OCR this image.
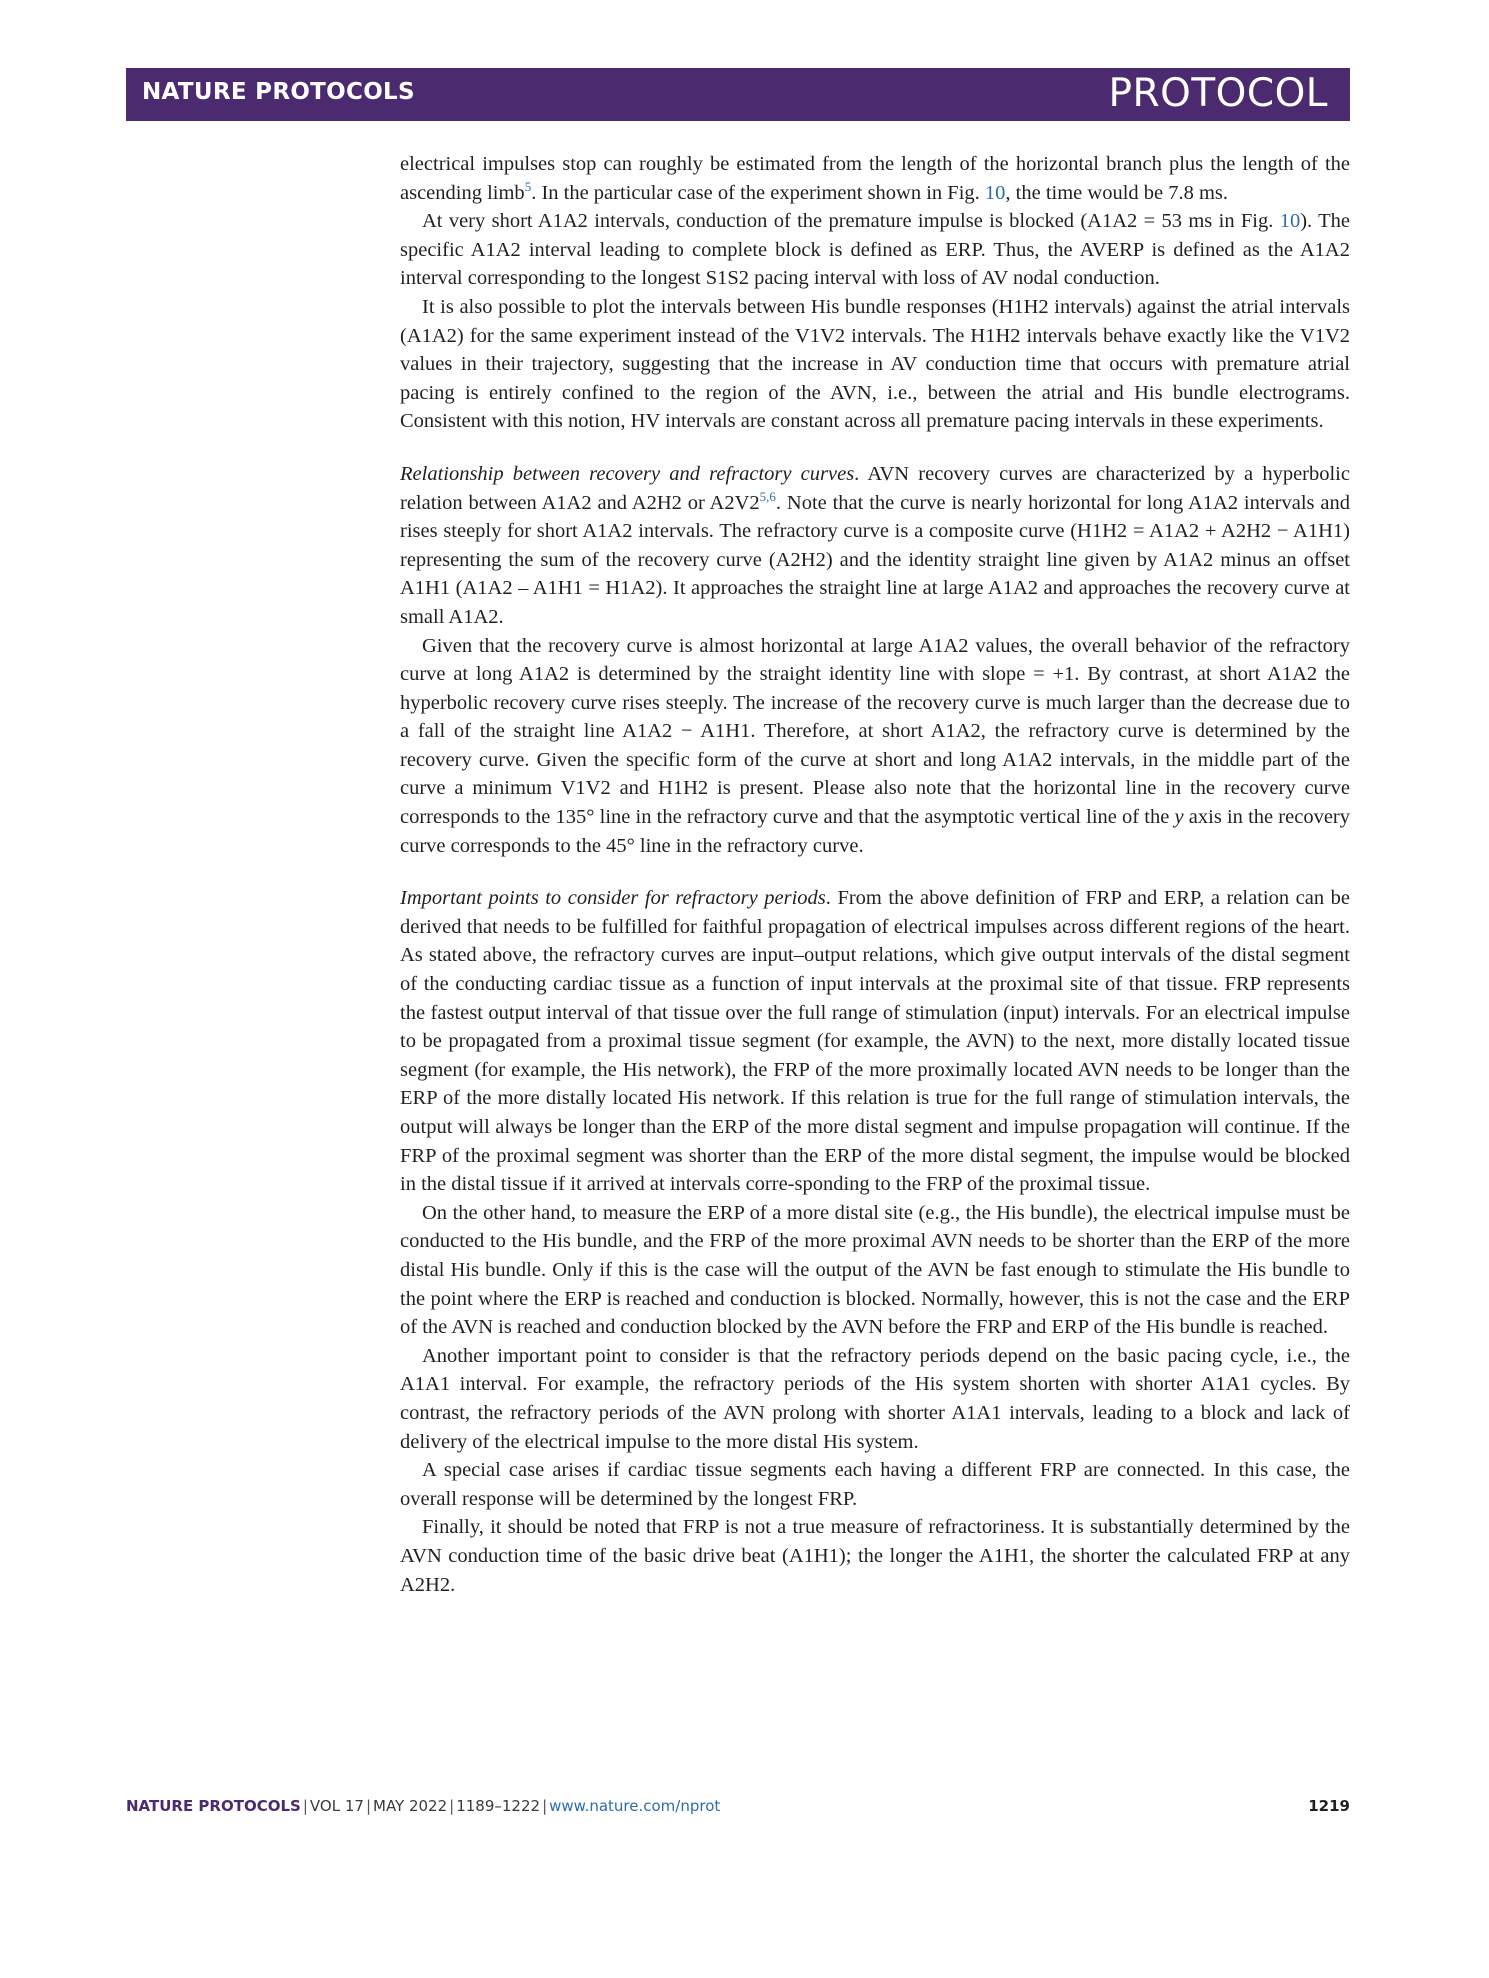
NATURE PROTOCOLS	PROTOCOL

electrical impulses stop can roughly be estimated from the length of the horizontal branch plus the length of the ascending limb$^5$. In the particular case of the experiment shown in Fig. 10, the time would be 7.8 ms.

At very short A1A2 intervals, conduction of the premature impulse is blocked (A1A2 = 53 ms in Fig. 10). The specific A1A2 interval leading to complete block is defined as ERP. Thus, the AVERP is defined as the A1A2 interval corresponding to the longest S1S2 pacing interval with loss of AV nodal conduction.

It is also possible to plot the intervals between His bundle responses (H1H2 intervals) against the atrial intervals (A1A2) for the same experiment instead of the V1V2 intervals. The H1H2 intervals behave exactly like the V1V2 values in their trajectory, suggesting that the increase in AV conduction time that occurs with premature atrial pacing is entirely confined to the region of the AVN, i.e., between the atrial and His bundle electrograms. Consistent with this notion, HV intervals are constant across all premature pacing intervals in these experiments.

Relationship between recovery and refractory curves. AVN recovery curves are characterized by a hyperbolic relation between A1A2 and A2H2 or A2V2$^{5,6}$. Note that the curve is nearly horizontal for long A1A2 intervals and rises steeply for short A1A2 intervals. The refractory curve is a composite curve (H1H2 = A1A2 + A2H2 − A1H1) representing the sum of the recovery curve (A2H2) and the identity straight line given by A1A2 minus an offset A1H1 (A1A2 – A1H1 = H1A2). It approaches the straight line at large A1A2 and approaches the recovery curve at small A1A2.

Given that the recovery curve is almost horizontal at large A1A2 values, the overall behavior of the refractory curve at long A1A2 is determined by the straight identity line with slope = +1. By contrast, at short A1A2 the hyperbolic recovery curve rises steeply. The increase of the recovery curve is much larger than the decrease due to a fall of the straight line A1A2 − A1H1. Therefore, at short A1A2, the refractory curve is determined by the recovery curve. Given the specific form of the curve at short and long A1A2 intervals, in the middle part of the curve a minimum V1V2 and H1H2 is present. Please also note that the horizontal line in the recovery curve corresponds to the 135° line in the refractory curve and that the asymptotic vertical line of the y axis in the recovery curve corresponds to the 45° line in the refractory curve.

Important points to consider for refractory periods. From the above definition of FRP and ERP, a relation can be derived that needs to be fulfilled for faithful propagation of electrical impulses across different regions of the heart. As stated above, the refractory curves are input–output relations, which give output intervals of the distal segment of the conducting cardiac tissue as a function of input intervals at the proximal site of that tissue. FRP represents the fastest output interval of that tissue over the full range of stimulation (input) intervals. For an electrical impulse to be propagated from a proximal tissue segment (for example, the AVN) to the next, more distally located tissue segment (for example, the His network), the FRP of the more proximally located AVN needs to be longer than the ERP of the more distally located His network. If this relation is true for the full range of stimulation intervals, the output will always be longer than the ERP of the more distal segment and impulse propagation will continue. If the FRP of the proximal segment was shorter than the ERP of the more distal segment, the impulse would be blocked in the distal tissue if it arrived at intervals corre-sponding to the FRP of the proximal tissue.

On the other hand, to measure the ERP of a more distal site (e.g., the His bundle), the electrical impulse must be conducted to the His bundle, and the FRP of the more proximal AVN needs to be shorter than the ERP of the more distal His bundle. Only if this is the case will the output of the AVN be fast enough to stimulate the His bundle to the point where the ERP is reached and conduction is blocked. Normally, however, this is not the case and the ERP of the AVN is reached and conduction blocked by the AVN before the FRP and ERP of the His bundle is reached.

Another important point to consider is that the refractory periods depend on the basic pacing cycle, i.e., the A1A1 interval. For example, the refractory periods of the His system shorten with shorter A1A1 cycles. By contrast, the refractory periods of the AVN prolong with shorter A1A1 intervals, leading to a block and lack of delivery of the electrical impulse to the more distal His system.

A special case arises if cardiac tissue segments each having a different FRP are connected. In this case, the overall response will be determined by the longest FRP.

Finally, it should be noted that FRP is not a true measure of refractoriness. It is substantially determined by the AVN conduction time of the basic drive beat (A1H1); the longer the A1H1, the shorter the calculated FRP at any A2H2.

NATURE PROTOCOLS | VOL 17 | MAY 2022 | 1189–1222 | www.nature.com/nprot	1219
